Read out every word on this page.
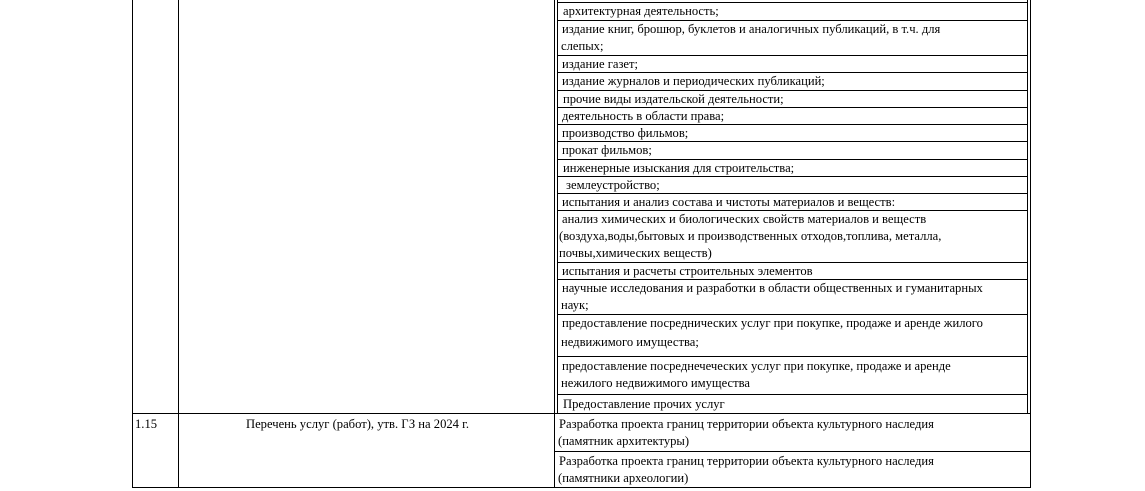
архитектурная деятельность;
издание книг, брошюр, буклетов и аналогичных публикаций, в т.ч. для
слепых;
издание газет;
издание журналов и периодических публикаций;
прочие виды издательской деятельности;
деятельность в области права;
производство фильмов;
прокат фильмов;
инженерные изыскания для строительства;
землеустройство;
испытания и анализ состава и чистоты материалов и веществ:
анализ химических и биологических свойств материалов и веществ
(воздуха,воды,бытовых и производственных отходов,топлива, металла,
почвы,химических веществ)
испытания и расчеты строительных элементов
научные исследования и разработки в области общественных и гуманитарных
наук;
предоставление посреднических услуг при покупке, продаже и аренде жилого
недвижимого имущества;
предоставление посреднечеческих услуг при покупке, продаже и аренде
нежилого недвижимого имущества
Предоставление прочих услуг
1.15	Перечень услуг (работ), утв. ГЗ на 2024 г.	Разработка проекта границ территории объекта культурного наследия
(памятник архитектуры)
Разработка проекта границ территории объекта культурного наследия
(памятники археологии)
